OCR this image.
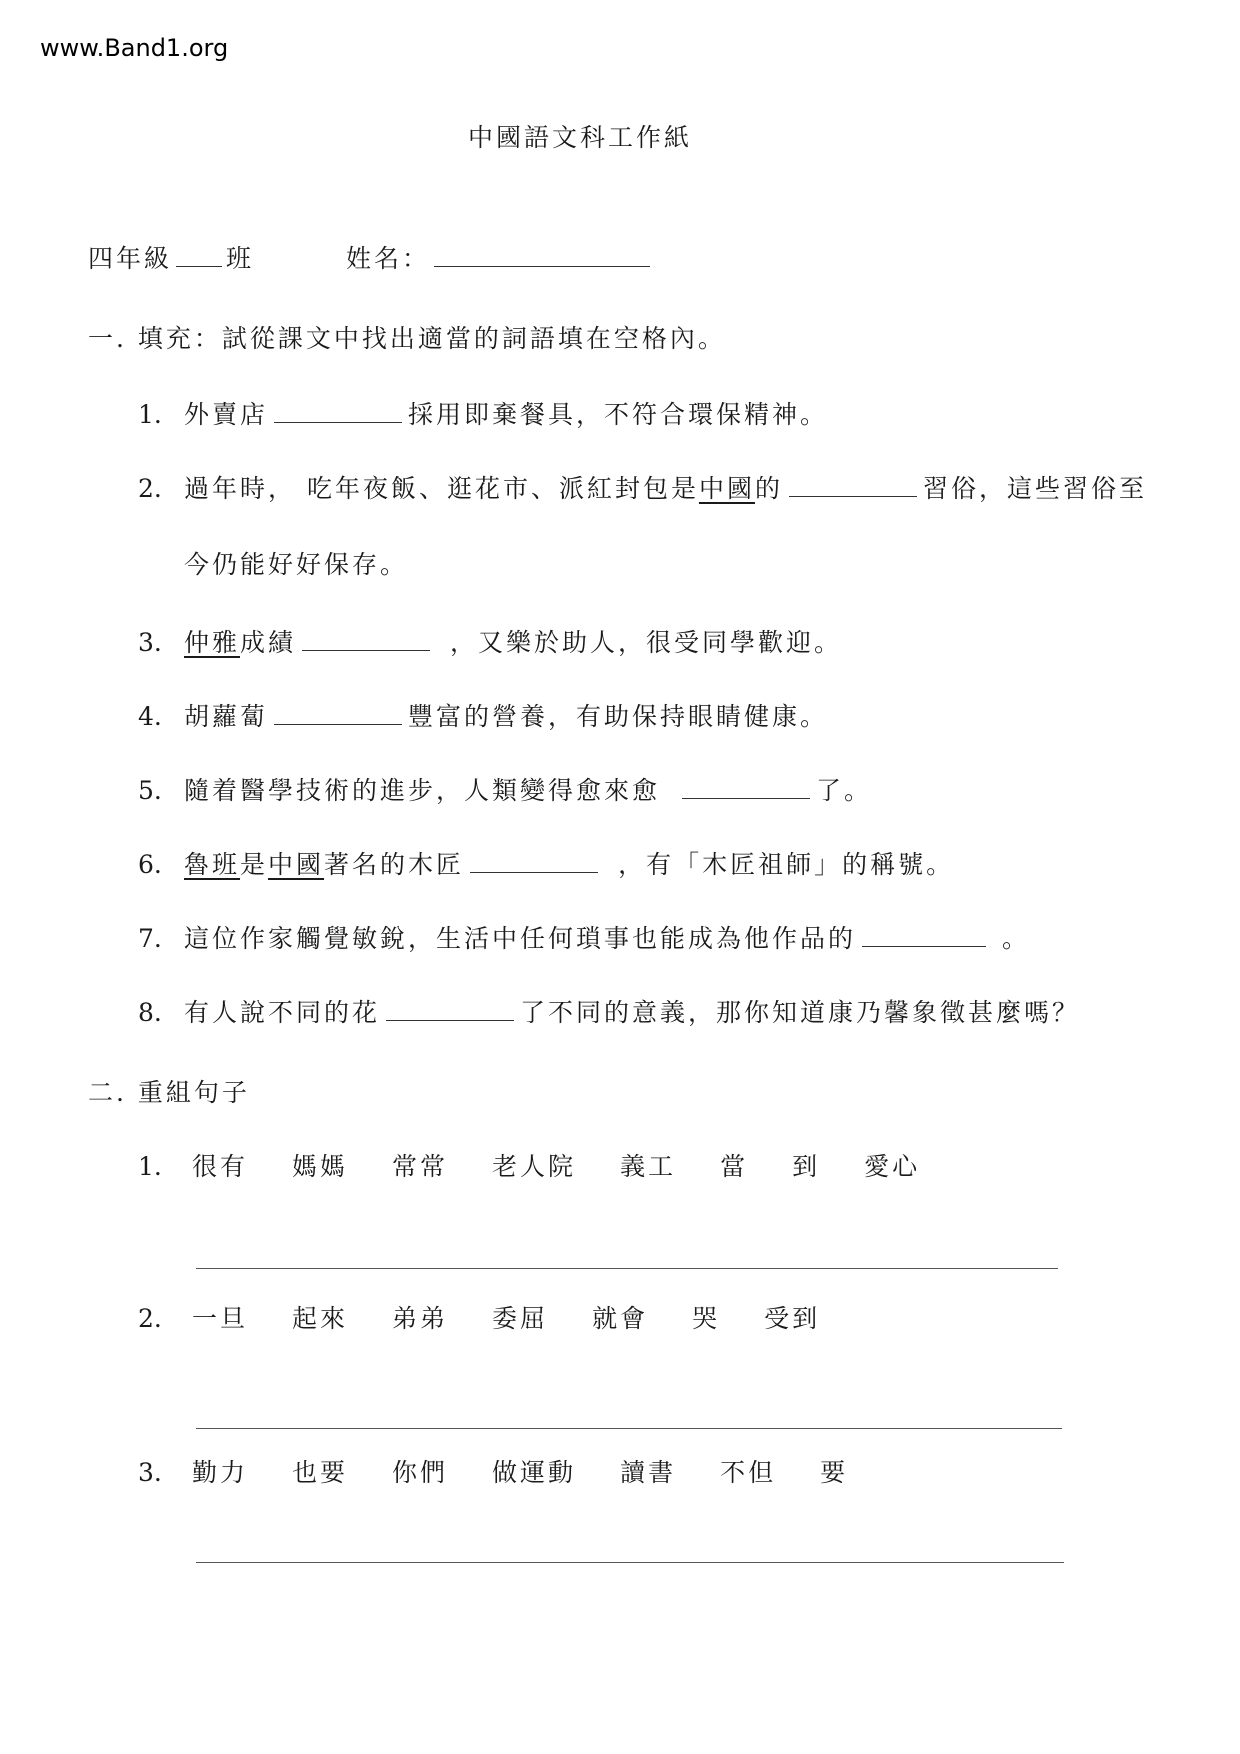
www.Band1.org
中國語文科工作紙
四年級 班	姓名：
一. 填充：試從課文中找出適當的詞語填在空格內。
1. 外賣店	採用即棄餐具，不符合環保精神。
2. 過年時， 吃年夜飯、逛花市、派紅封包是中國的	習俗，這些習俗至
今仍能好好保存。
3. 仲雅成績	，又樂於助人，很受同學歡迎。
4. 胡蘿蔔	豐富的營養，有助保持眼睛健康。
5. 隨着醫學技術的進步，人類變得愈來愈	了。
6. 魯班是中國著名的木匠	，有「木匠祖師」的稱號。
7. 這位作家觸覺敏銳，生活中任何瑣事也能成為他作品的	。
8. 有人說不同的花	了不同的意義，那你知道康乃馨象徵甚麼嗎？
二. 重組句子
1. 很有 媽媽 常常 老人院 義工 當 到 愛心
2. 一旦 起來 弟弟 委屈 就會 哭 受到
3. 勤力 也要 你們 做運動 讀書 不但 要
